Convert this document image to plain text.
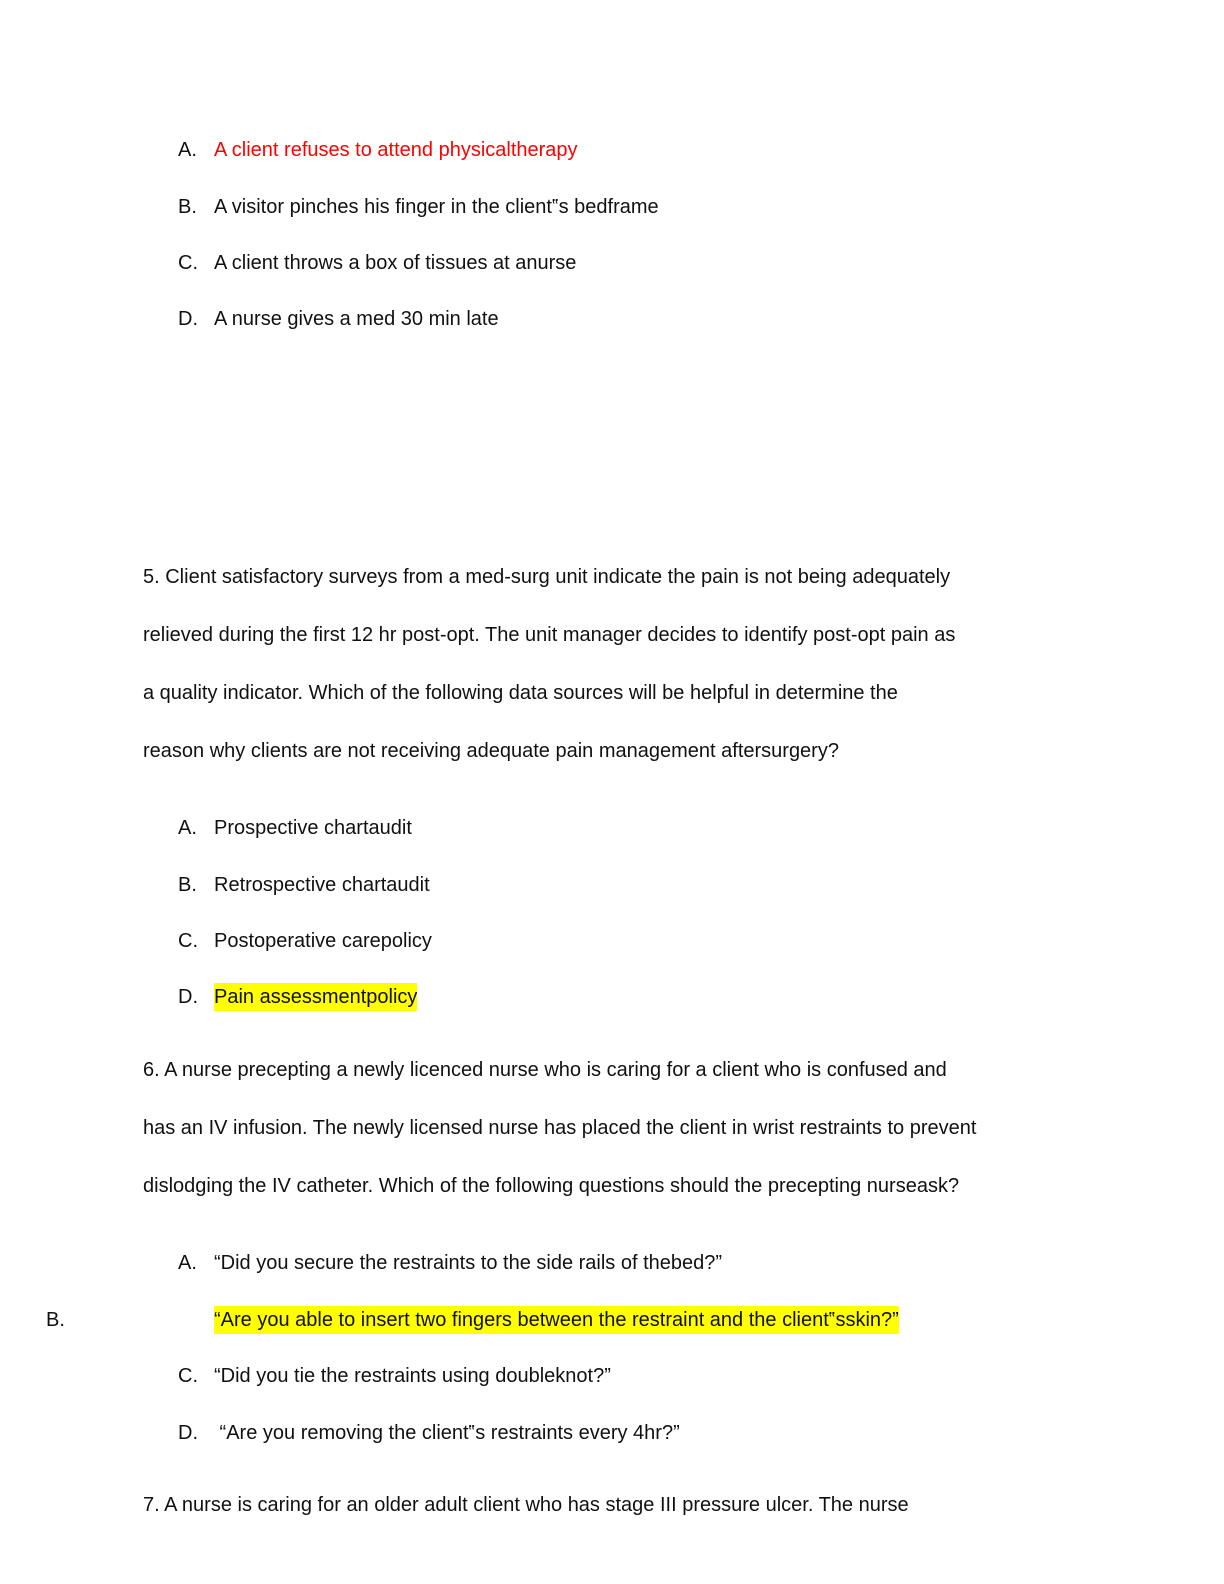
A. A client refuses to attend physicaltherapy
B. A visitor pinches his finger in the client‟s bedframe
C. A client throws a box of tissues at anurse
D. A nurse gives a med 30 min late
5. Client satisfactory surveys from a med-surg unit indicate the pain is not being adequately
relieved during the first 12 hr post-opt. The unit manager decides to identify post-opt pain as
a quality indicator. Which of the following data sources will be helpful in determine the
reason why clients are not receiving adequate pain management aftersurgery?
A. Prospective chartaudit
B. Retrospective chartaudit
C. Postoperative carepolicy
D. Pain assessmentpolicy
6. A nurse precepting a newly licenced nurse who is caring for a client who is confused and
has an IV infusion. The newly licensed nurse has placed the client in wrist restraints to prevent
dislodging the IV catheter. Which of the following questions should the precepting nurseask?
A. “Did you secure the restraints to the side rails of thebed?”
B.	“Are you able to insert two fingers between the restraint and the client‟sskin?”
C. “Did you tie the restraints using doubleknot?”
D. “Are you removing the client‟s restraints every 4hr?”
7. A nurse is caring for an older adult client who has stage III pressure ulcer. The nurse
